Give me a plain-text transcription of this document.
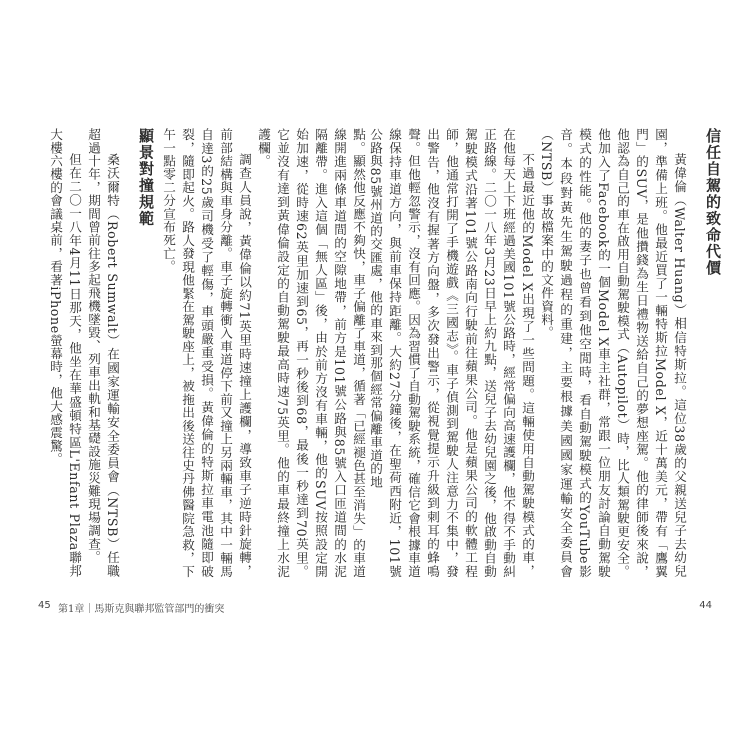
信任自駕的致命代價

黃偉倫（Walter Huang）相信特斯拉。這位38歲的父親送兒子去幼兒園，準備上班。他最近買了一輛特斯拉Model X，近十萬美元，帶有「鷹翼門」的SUV，是他攢錢為生日禮物送給自己的夢想座駕。他的律師後來說，他認為自己的車在啟用自動駕駛模式（Autopilot）時，比人類駕駛更安全。他加入了Facebook的一個Model X車主社群，常跟一位朋友討論自動駕駛模式的性能。他的妻子也曾看到他空閒時，看自動駕駛模式的YouTube影音。本段對黃先生駕駛過程的重建，主要根據美國國家運輸安全委員會（NTSB）事故檔案中的文件資料。

不過最近他的Model X出現了一些問題。這輛使用自動駕駛模式的車，在他每天上下班經過美國101號公路時，經常偏向高速護欄，他不得不手動糾正路線。二〇一八年3月23日早上約九點，送兒子去幼兒園之後，他啟動自動駕駛模式沿著101號公路南向行駛前往蘋果公司。他是蘋果公司的軟體工程師，他通常打開了手機遊戲《三國志》。車子偵測到駕駛人注意力不集中，發出警告，他沒有握著方向盤，多次發出警示，從視覺提示升級到刺耳的蜂鳴聲。但他輕忽警示，沒有回應。因為習慣了自動駕駛系統，確信它會根據車道線保持車道方向，與前車保持距離。大約27分鐘後，在聖荷西附近，101號公路與85號州道的交匯處，他的車來到那個經常偏離車道的地

點。顯然他反應不夠快，車子偏離了車道，循著「已經褪色甚至消失」的車道線開進兩條車道間的空隙地帶，前方是101號公路與85號入口匝道間的水泥隔離帶。進入這個「無人區」後，由於前方沒有車輛，他的SUV按照設定開始加速，從時速62英里加速到65，再一秒後到68，最後一秒達到70英里。它並沒有達到黃偉倫設定的自動駕駛最高時速75英里。他的車最終撞上水泥護欄。

調查人員說，黃偉倫以約71英里時速撞上護欄，導致車子逆時針旋轉，前部結構與車身分離。車子旋轉衝入車道停下前又撞上另兩輛車，其中一輛馬自達3的25歲司機受了輕傷，車頭嚴重受損。黃偉倫的特斯拉車電池隨即破裂，隨即起火。路人發現他緊在駕駛座上，被拖出後送往史丹佛醫院急救，下午一點零二分宣布死亡。

顯景對撞規範

桑沃爾特（Robert Sumwalt）在國家運輸安全委員會（NTSB）任職超過十年，期間曾前往多起飛機墜毀、列車出軌和基礎設施災難現場調查。

但在二〇一八年4月11日那天，他坐在華盛頓特區L'Enfant Plaza聯邦大樓六樓的會議桌前，看著iPhone螢幕時，他大感震驚。

45 第1章｜馬斯克與聯邦監管部門的衝突	44
